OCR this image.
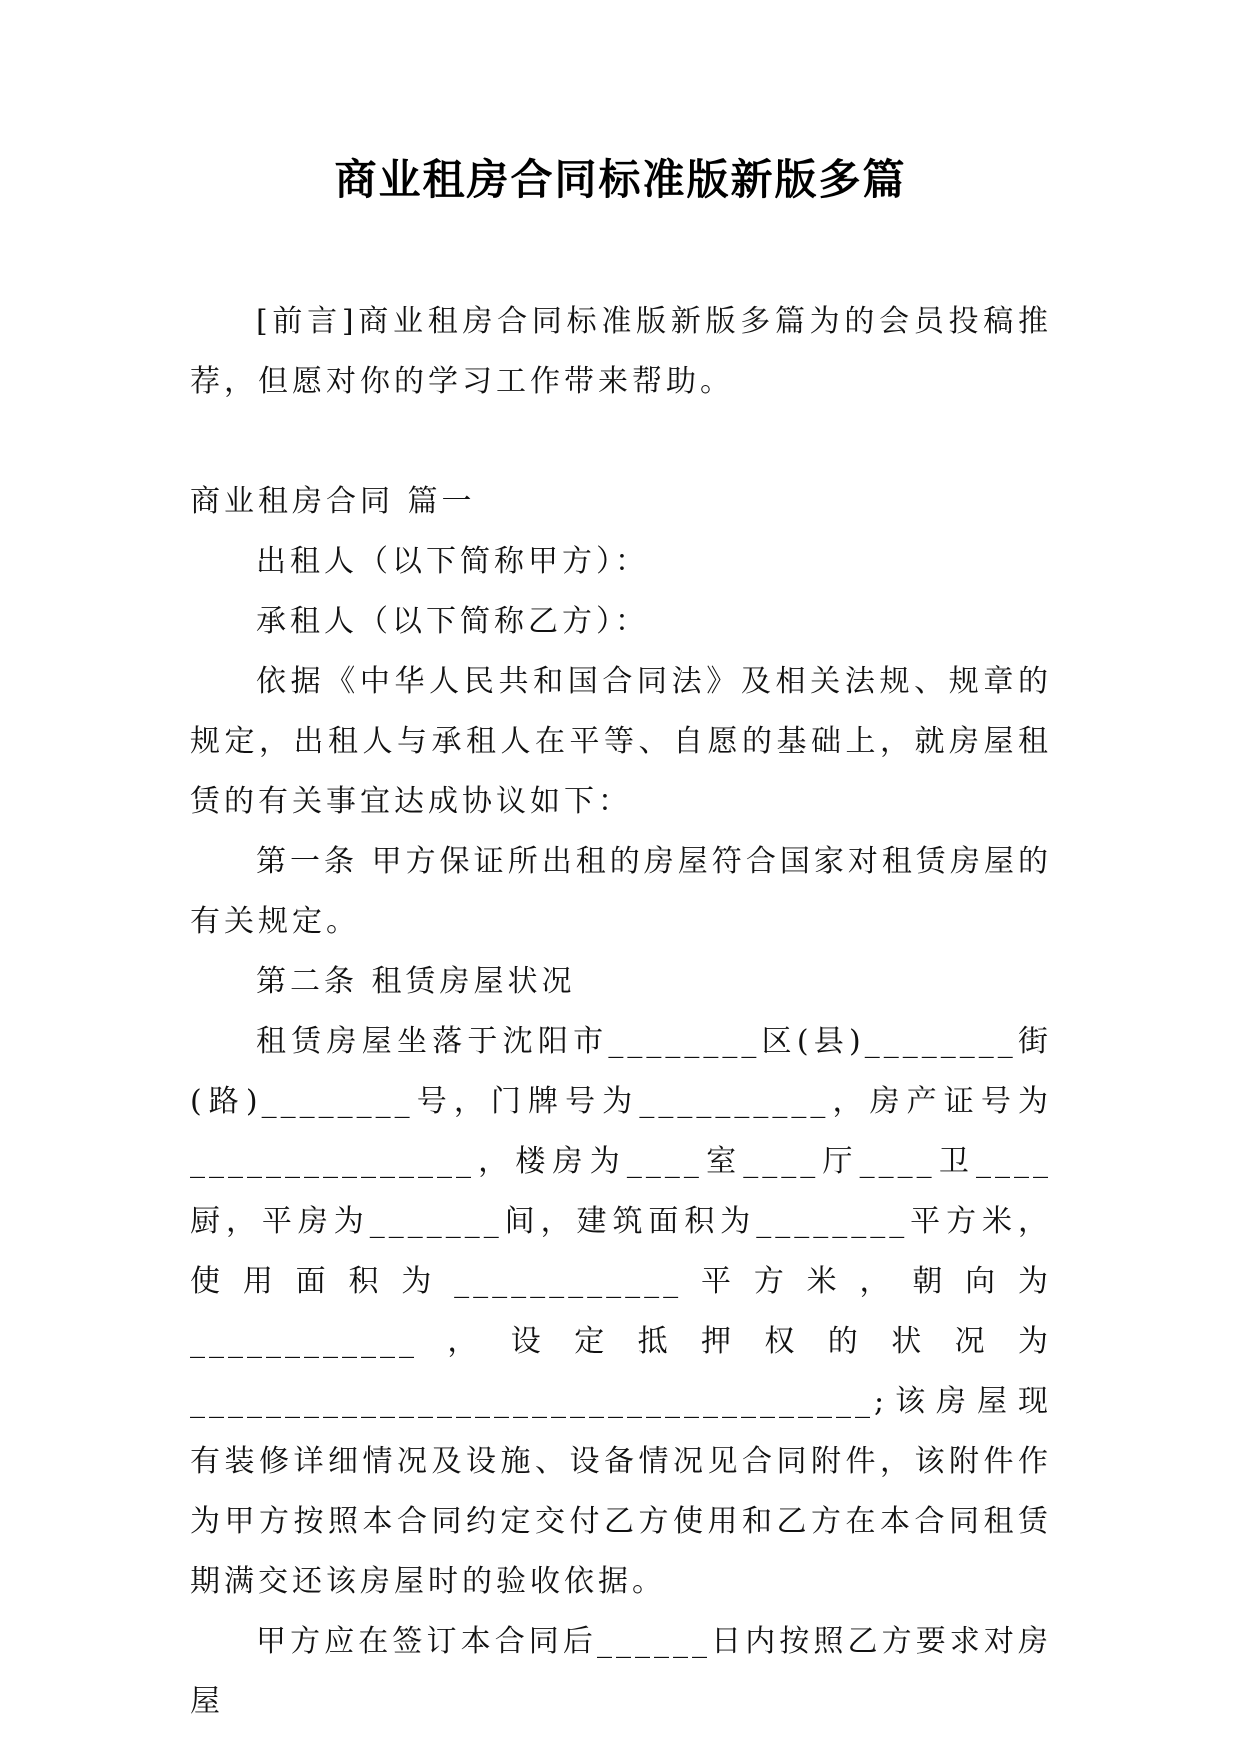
商业租房合同标准版新版多篇

[前言]商业租房合同标准版新版多篇为的会员投稿推荐，但愿对你的学习工作带来帮助。

商业租房合同 篇一

出租人（以下简称甲方）：

承租人（以下简称乙方）：

依据《中华人民共和国合同法》及相关法规、规章的规定，出租人与承租人在平等、自愿的基础上，就房屋租赁的有关事宜达成协议如下：

第一条 甲方保证所出租的房屋符合国家对租赁房屋的有关规定。

第二条 租赁房屋状况

租赁房屋坐落于沈阳市________区(县)________街(路)________号，门牌号为__________，房产证号为_______________，楼房为____室____厅____卫____厨，平房为_______间，建筑面积为________平方米，使用面积为____________平方米，朝向为____________，设定抵押权的状况为____________________________________;该房屋现有装修详细情况及设施、设备情况见合同附件，该附件作为甲方按照本合同约定交付乙方使用和乙方在本合同租赁期满交还该房屋时的验收依据。

甲方应在签订本合同后______日内按照乙方要求对房屋
